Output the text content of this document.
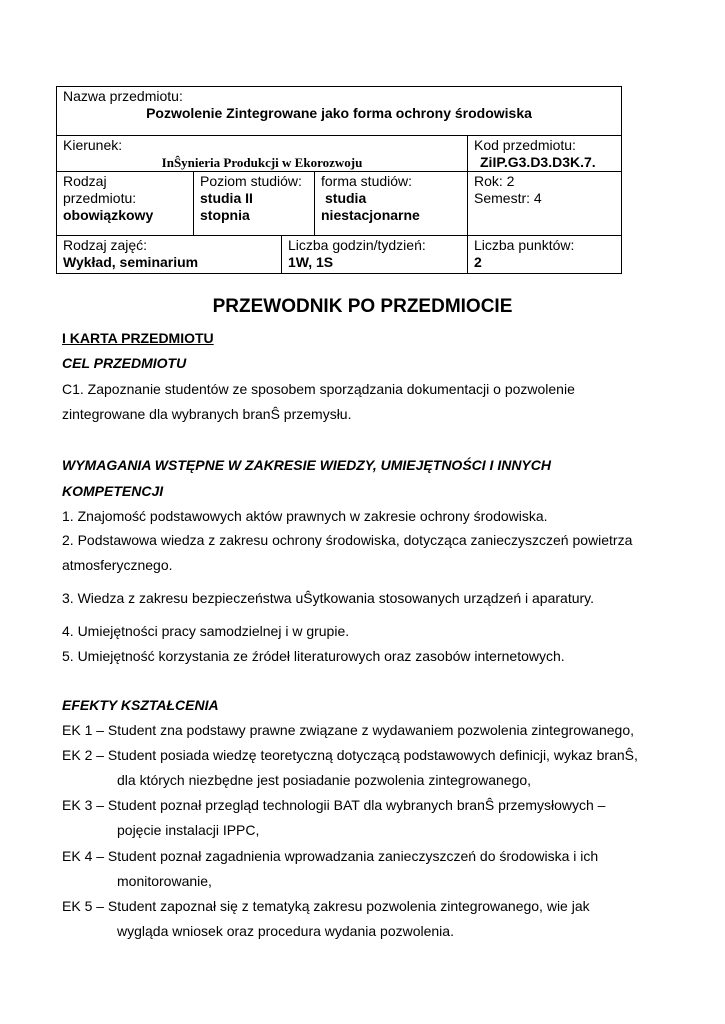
Nazwa przedmiotu:
Pozwolenie Zintegrowane jako forma ochrony środowiska
Kierunek:
InŜynieria Produkcji w Ekorozwoju
Kod przedmiotu:
ZiIP.G3.D3.D3K.7.
Rodzaj
przedmiotu:
obowiązkowy
Poziom studiów:
studia II
stopnia
forma studiów:
studia
niestacjonarne
Rok: 2
Semestr: 4
Rodzaj zajęć:
Wykład, seminarium
Liczba godzin/tydzień:
1W, 1S
Liczba punktów:
2
PRZEWODNIK PO PRZEDMIOCIE
I KARTA PRZEDMIOTU
CEL PRZEDMIOTU
C1. Zapoznanie studentów ze sposobem sporządzania dokumentacji o pozwolenie
zintegrowane dla wybranych branŜ przemysłu.
WYMAGANIA WSTĘPNE W ZAKRESIE WIEDZY, UMIEJĘTNOŚCI I INNYCH
KOMPETENCJI
1. Znajomość podstawowych aktów prawnych w zakresie ochrony środowiska.
2. Podstawowa wiedza z zakresu ochrony środowiska, dotycząca zanieczyszczeń powietrza
atmosferycznego.
3. Wiedza z zakresu bezpieczeństwa uŜytkowania stosowanych urządzeń i aparatury.
4. Umiejętności pracy samodzielnej i w grupie.
5. Umiejętność korzystania ze źródeł literaturowych oraz zasobów internetowych.
EFEKTY KSZTAŁCENIA
EK 1 – Student zna podstawy prawne związane z wydawaniem pozwolenia zintegrowanego,
EK 2 – Student posiada wiedzę teoretyczną dotyczącą podstawowych definicji, wykaz branŜ,
dla których niezbędne jest posiadanie pozwolenia zintegrowanego,
EK 3 – Student poznał przegląd technologii BAT dla wybranych branŜ przemysłowych –
pojęcie instalacji IPPC,
EK 4 – Student poznał zagadnienia wprowadzania zanieczyszczeń do środowiska i ich
monitorowanie,
EK 5 – Student zapoznał się z tematyką zakresu pozwolenia zintegrowanego, wie jak
wygląda wniosek oraz procedura wydania pozwolenia.
